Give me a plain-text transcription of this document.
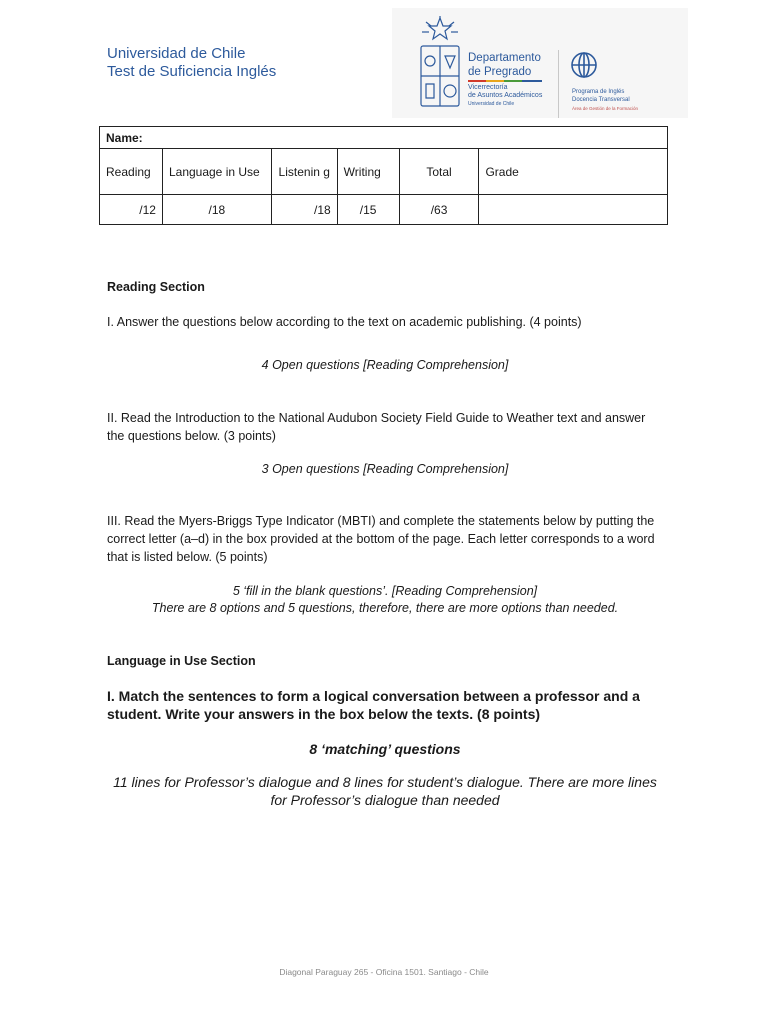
Universidad de Chile
Test de Suficiencia Inglés
Departamento
de Pregrado
Vicerrectoría
de Asuntos Académicos
Universidad de Chile
Programa de Inglés
Docencia Transversal
Área de Gestión de la Formación
Name:					
Reading	Language in Use	Listenin g	Writing	Total	Grade
/12	/18	/18	/15	/63	
Reading Section
I. Answer the questions below according to the text on academic publishing. (4 points)
4 Open questions [Reading Comprehension]
II. Read the Introduction to the National Audubon Society Field Guide to Weather text and answer the questions below. (3 points)
3 Open questions [Reading Comprehension]
III. Read the Myers-Briggs Type Indicator (MBTI) and complete the statements below by putting the correct letter (a–d) in the box provided at the bottom of the page. Each letter corresponds to a word that is listed below. (5 points)
5 ‘fill in the blank questions’. [Reading Comprehension]
There are 8 options and 5 questions, therefore, there are more options than needed.
Language in Use Section
I. Match the sentences to form a logical conversation between a professor and a student. Write your answers in the box below the texts. (8 points)
8 ‘matching’ questions
11 lines for Professor’s dialogue and 8 lines for student’s dialogue. There are more lines for Professor’s dialogue than needed
Diagonal Paraguay 265 - Oficina 1501. Santiago - Chile
